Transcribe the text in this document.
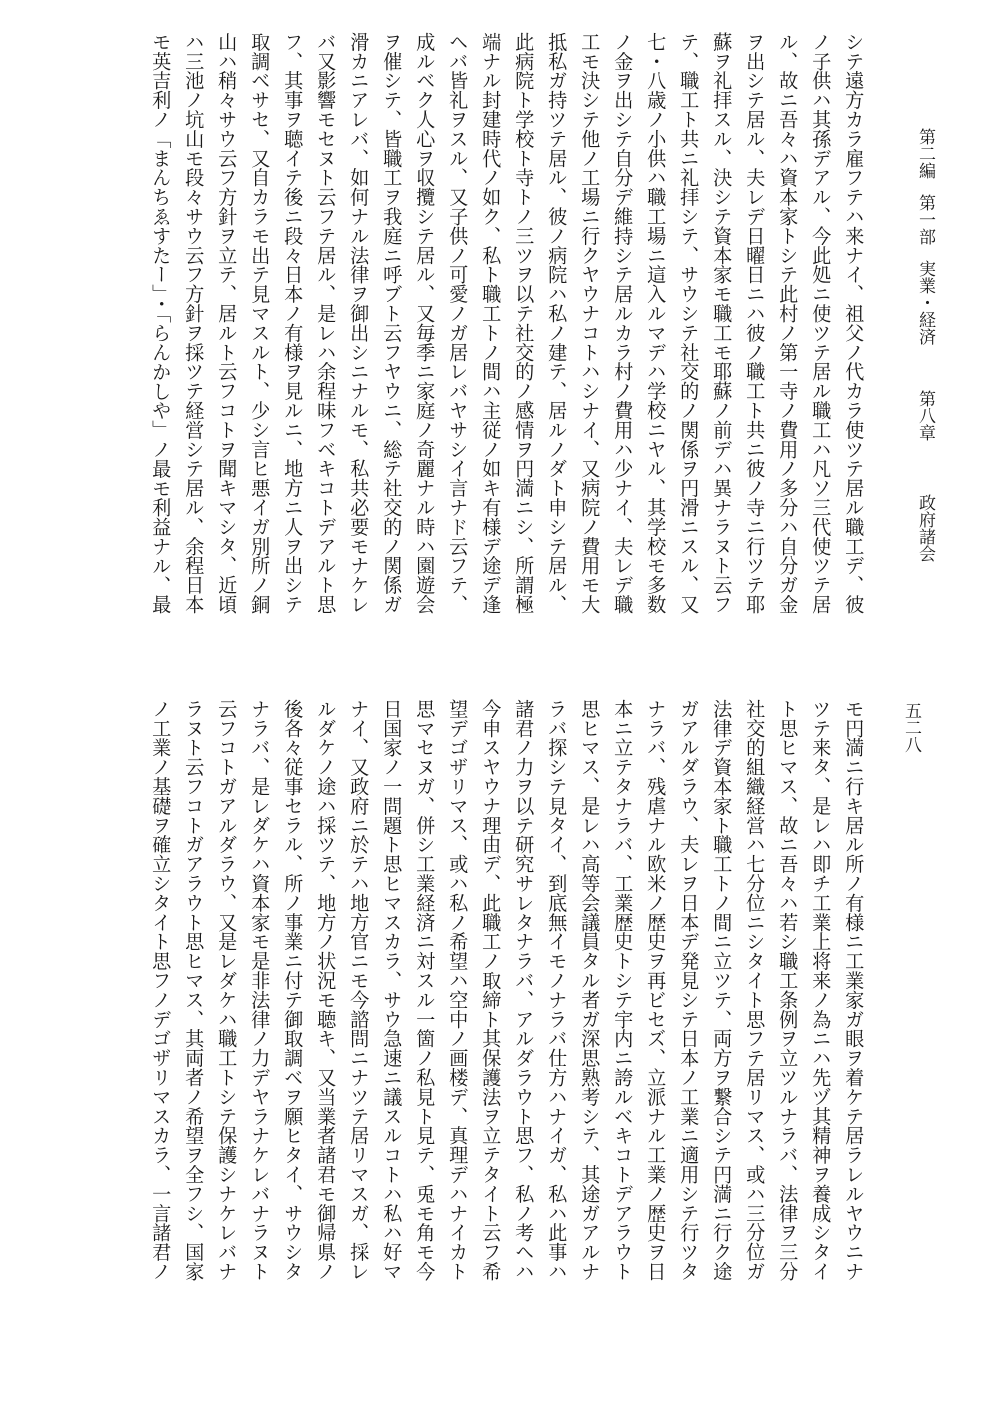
第二編
第一部
実業・経済
第八章
政府諸会
五二八
シテ遠方カラ雇フテハ来ナイ、祖父ノ代カラ使ツテ居ル職工デ、彼
ノ子供ハ其孫デアル、今此処ニ使ツテ居ル職工ハ凡ソ三代使ツテ居
ル、故ニ吾々ハ資本家トシテ此村ノ第一寺ノ費用ノ多分ハ自分ガ金
ヲ出シテ居ル、夫レデ日曜日ニハ彼ノ職工ト共ニ彼ノ寺ニ行ツテ耶
蘇ヲ礼拝スル、決シテ資本家モ職工モ耶蘇ノ前デハ異ナラヌト云フ
テ、職工ト共ニ礼拝シテ、サウシテ社交的ノ関係ヲ円滑ニスル、又
七・八歳ノ小供ハ職工場ニ這入ルマデハ学校ニヤル、其学校モ多数
ノ金ヲ出シテ自分デ維持シテ居ルカラ村ノ費用ハ少ナイ、夫レデ職
工モ決シテ他ノ工場ニ行クヤウナコトハシナイ、又病院ノ費用モ大
抵私ガ持ツテ居ル、彼ノ病院ハ私ノ建テ、居ルノダト申シテ居ル、
此病院ト学校ト寺トノ三ツヲ以テ社交的ノ感情ヲ円満ニシ、所謂極
端ナル封建時代ノ如ク、私ト職工トノ間ハ主従ノ如キ有様デ途デ逢
ヘバ皆礼ヲスル、又子供ノ可愛ノガ居レバヤサシイ言ナド云フテ、
成ルベク人心ヲ収攬シテ居ル、又毎季ニ家庭ノ奇麗ナル時ハ園遊会
ヲ催シテ、皆職工ヲ我庭ニ呼ブト云フヤウニ、総テ社交的ノ関係ガ
滑カニアレバ、如何ナル法律ヲ御出シニナルモ、私共必要モナケレ
バ又影響モセヌト云フテ居ル、是レハ余程味フベキコトデアルト思
フ、其事ヲ聴イテ後ニ段々日本ノ有様ヲ見ルニ、地方ニ人ヲ出シテ
取調ベサセ、又自カラモ出テ見マスルト、少シ言ヒ悪イガ別所ノ銅
山ハ稍々サウ云フ方針ヲ立テ、居ルト云フコトヲ聞キマシタ、近頃
ハ三池ノ坑山モ段々サウ云フ方針ヲ採ツテ経営シテ居ル、余程日本
モ英吉利ノ「まんちゑすたー」・「らんかしや」ノ最モ利益ナル、最
モ円満ニ行キ居ル所ノ有様ニ工業家ガ眼ヲ着ケテ居ラレルヤウニナ
ツテ来タ、是レハ即チ工業上将来ノ為ニハ先ヅ其精神ヲ養成シタイ
ト思ヒマス、故ニ吾々ハ若シ職工条例ヲ立ツルナラバ、法律ヲ三分
社交的組織経営ハ七分位ニシタイト思フテ居リマス、或ハ三分位ガ
法律デ資本家ト職工トノ間ニ立ツテ、両方ヲ繋合シテ円満ニ行ク途
ガアルダラウ、夫レヲ日本デ発見シテ日本ノ工業ニ適用シテ行ツタ
ナラバ、残虐ナル欧米ノ歴史ヲ再ビセズ、立派ナル工業ノ歴史ヲ日
本ニ立テタナラバ、工業歴史トシテ宇内ニ誇ルベキコトデアラウト
思ヒマス、是レハ高等会議員タル者ガ深思熟考シテ、其途ガアルナ
ラバ探シテ見タイ、到底無イモノナラバ仕方ハナイガ、私ハ此事ハ
諸君ノ力ヲ以テ研究サレタナラバ、アルダラウト思フ、私ノ考ヘハ
今申スヤウナ理由デ、此職工ノ取締ト其保護法ヲ立テタイト云フ希
望デゴザリマス、或ハ私ノ希望ハ空中ノ画楼デ、真理デハナイカト
思マセヌガ、併シ工業経済ニ対スル一箇ノ私見ト見テ、兎モ角モ今
日国家ノ一問題ト思ヒマスカラ、サウ急速ニ議スルコトハ私ハ好マ
ナイ、又政府ニ於テハ地方官ニモ今諮問ニナツテ居リマスガ、採レ
ルダケノ途ハ採ツテ、地方ノ状況モ聴キ、又当業者諸君モ御帰県ノ
後各々従事セラル、所ノ事業ニ付テ御取調ベヲ願ヒタイ、サウシタ
ナラバ、是レダケハ資本家モ是非法律ノ力デヤラナケレバナラヌト
云フコトガアルダラウ、又是レダケハ職工トシテ保護シナケレバナ
ラヌト云フコトガアラウト思ヒマス、其両者ノ希望ヲ全フシ、国家
ノ工業ノ基礎ヲ確立シタイト思フノデゴザリマスカラ、一言諸君ノ
